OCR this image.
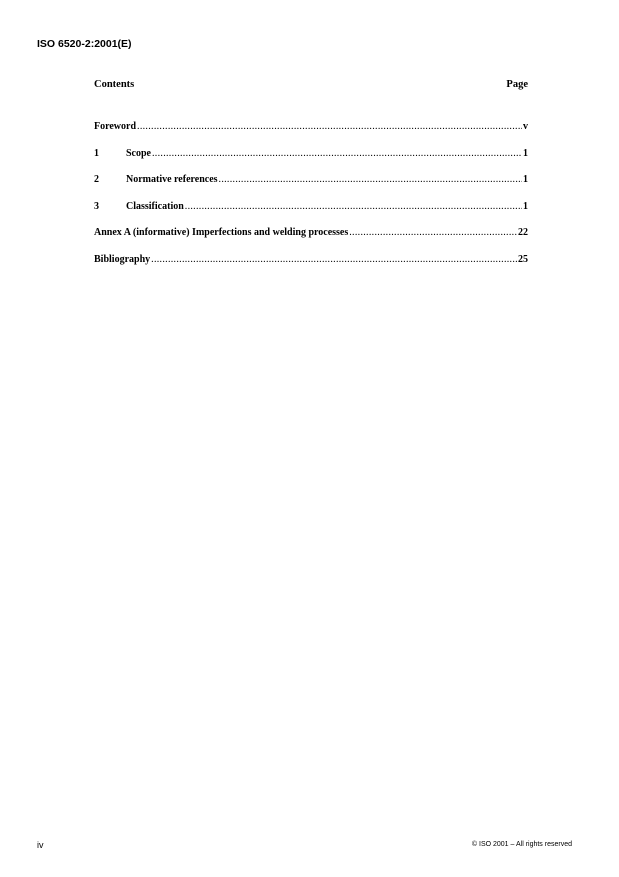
ISO 6520-2:2001(E)
Contents	Page
Foreword .....	v
1	Scope .....	1
2	Normative references .....	1
3	Classification .....	1
Annex A (informative) Imperfections and welding processes .....	22
Bibliography .....	25
iv	© ISO 2001 – All rights reserved
